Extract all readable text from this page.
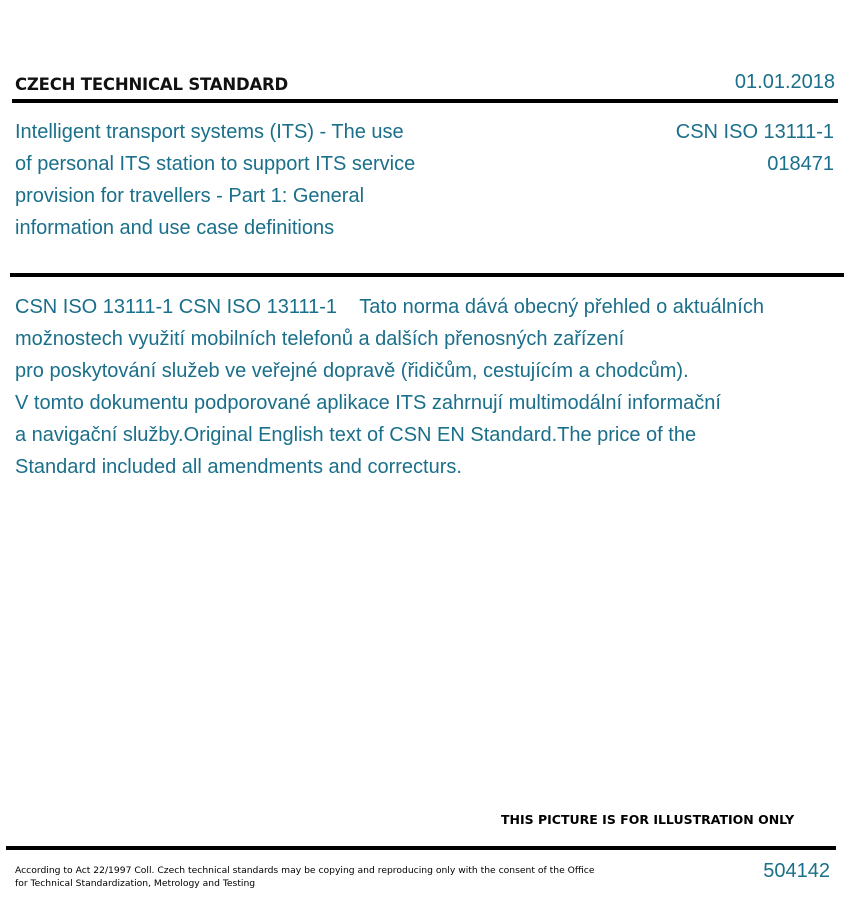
CZECH TECHNICAL STANDARD	01.01.2018
Intelligent transport systems (ITS) - The use
of personal ITS station to support ITS service
provision for travellers - Part 1: General
information and use case definitions
CSN ISO 13111-1
018471
CSN ISO 13111-1 CSN ISO 13111-1    Tato norma dává obecný přehled o aktuálních
možnostech využití mobilních telefonů a dalších přenosných zařízení
pro poskytování služeb ve veřejné dopravě (řidičům, cestujícím a chodcům).
V tomto dokumentu podporované aplikace ITS zahrnují multimodální informační
a navigační služby.Original English text of CSN EN Standard.The price of the
Standard included all amendments and correcturs.
THIS PICTURE IS FOR ILLUSTRATION ONLY
According to Act 22/1997 Coll. Czech technical standards may be copying and reproducing only with the consent of the Office
for Technical Standardization, Metrology and Testing
504142
